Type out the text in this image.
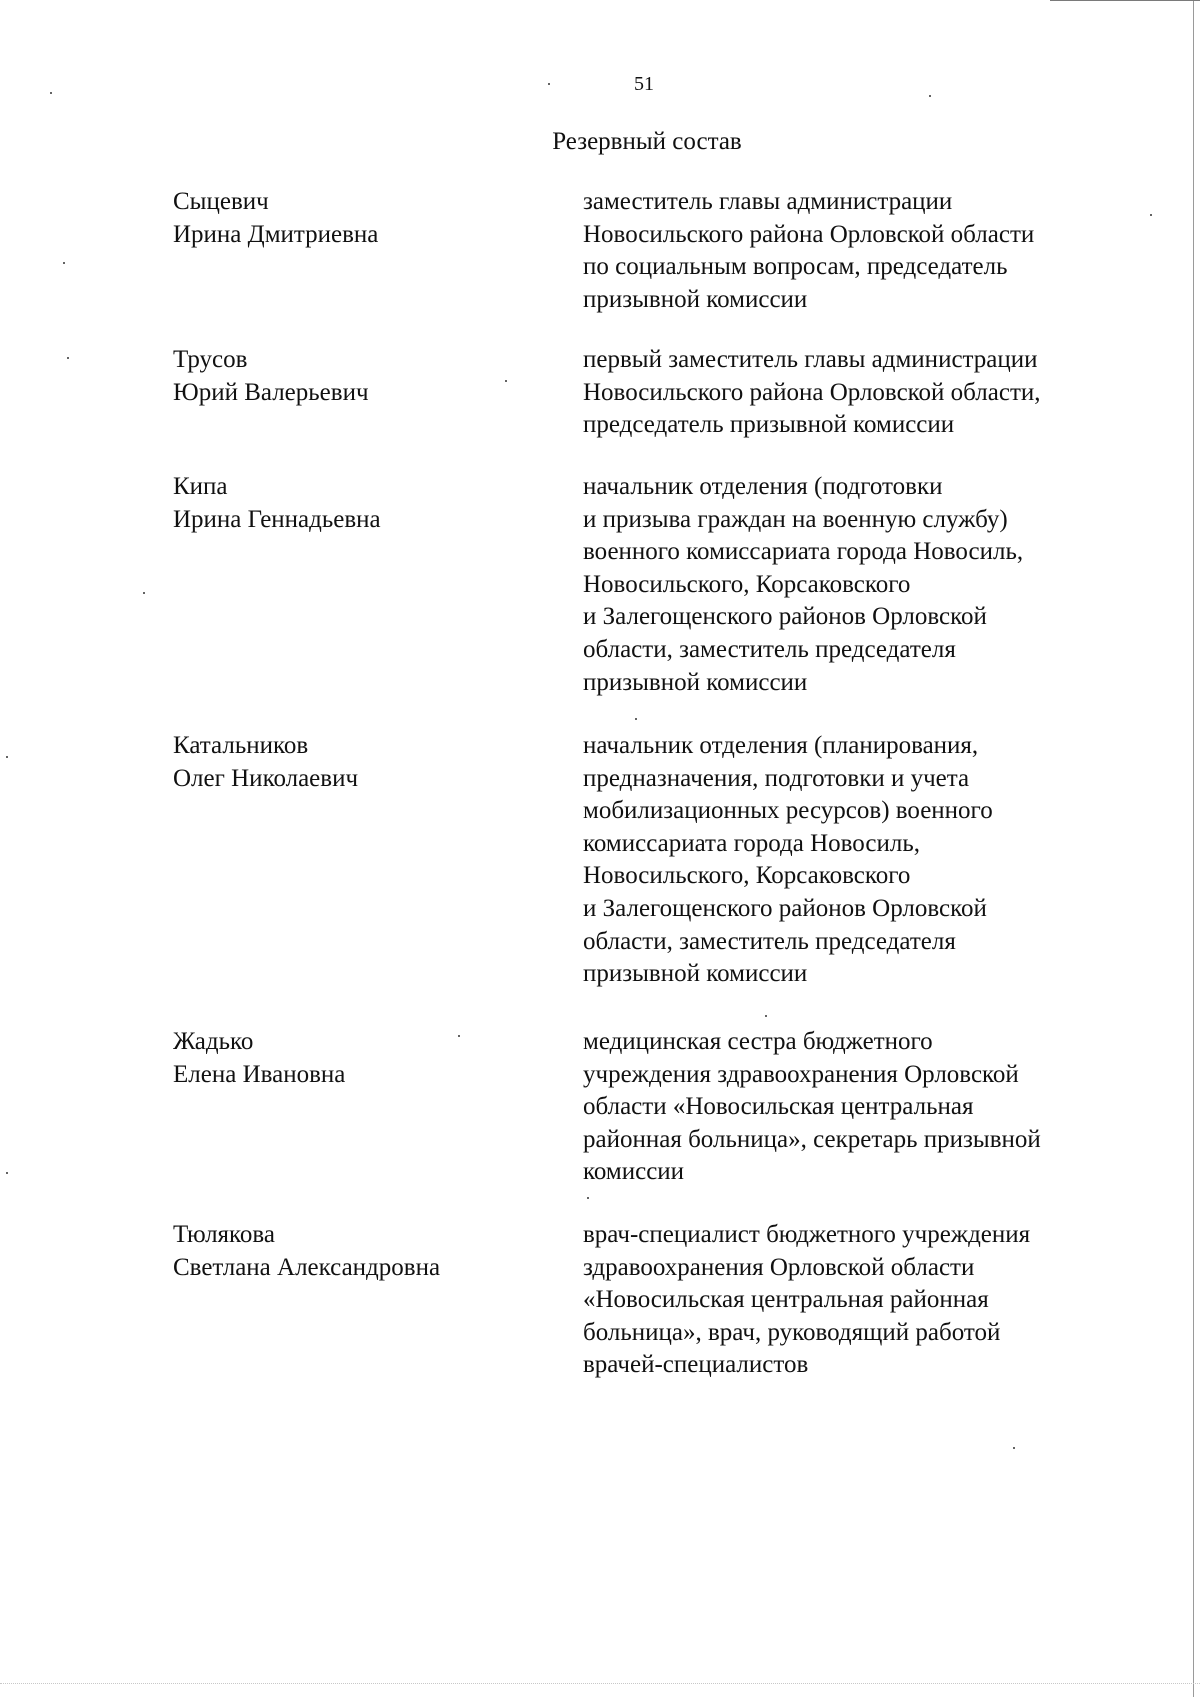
51
Резервный состав
Сыцевич
Ирина Дмитриевна
заместитель главы администрации
Новосильского района Орловской области
по социальным вопросам, председатель
призывной комиссии
Трусов
Юрий Валерьевич
первый заместитель главы администрации
Новосильского района Орловской области,
председатель призывной комиссии
Кипа
Ирина Геннадьевна
начальник отделения (подготовки
и призыва граждан на военную службу)
военного комиссариата города Новосиль,
Новосильского, Корсаковского
и Залегощенского районов Орловской
области, заместитель председателя
призывной комиссии
Катальников
Олег Николаевич
начальник отделения (планирования,
предназначения, подготовки и учета
мобилизационных ресурсов) военного
комиссариата города Новосиль,
Новосильского, Корсаковского
и Залегощенского районов Орловской
области, заместитель председателя
призывной комиссии
Жадько
Елена Ивановна
медицинская сестра бюджетного
учреждения здравоохранения Орловской
области «Новосильская центральная
районная больница», секретарь призывной
комиссии
Тюлякова
Светлана Александровна
врач-специалист бюджетного учреждения
здравоохранения Орловской области
«Новосильская центральная районная
больница», врач, руководящий работой
врачей-специалистов
